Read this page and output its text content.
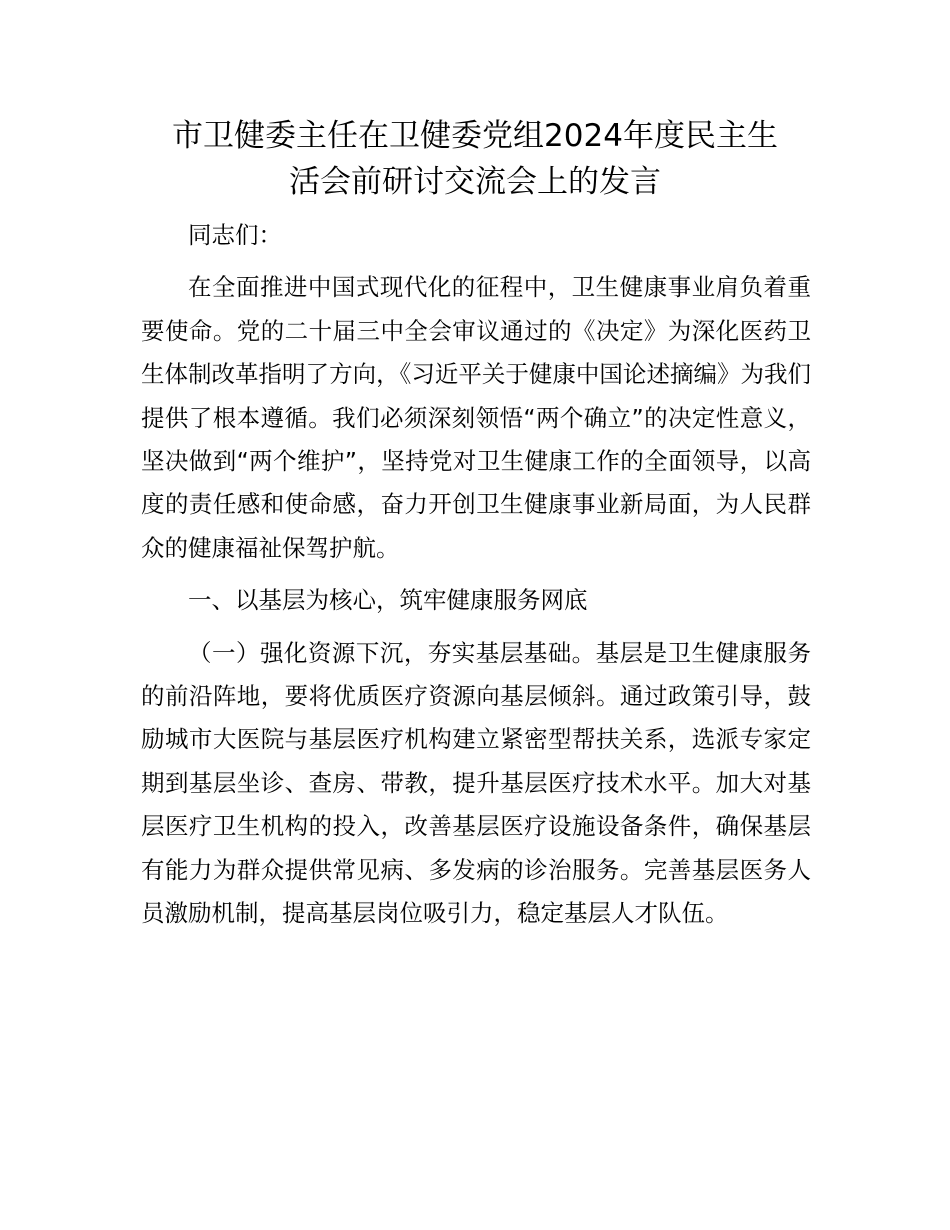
市卫健委主任在卫健委党组2024年度民主生
活会前研讨交流会上的发言

同志们：

在全面推进中国式现代化的征程中，卫生健康事业肩负着重要使命。党的二十届三中全会审议通过的《决定》为深化医药卫生体制改革指明了方向，《习近平关于健康中国论述摘编》为我们提供了根本遵循。我们必须深刻领悟“两个确立”的决定性意义，坚决做到“两个维护”，坚持党对卫生健康工作的全面领导，以高度的责任感和使命感，奋力开创卫生健康事业新局面，为人民群众的健康福祉保驾护航。

一、以基层为核心，筑牢健康服务网底

（一）强化资源下沉，夯实基层基础。基层是卫生健康服务的前沿阵地，要将优质医疗资源向基层倾斜。通过政策引导，鼓励城市大医院与基层医疗机构建立紧密型帮扶关系，选派专家定期到基层坐诊、查房、带教，提升基层医疗技术水平。加大对基层医疗卫生机构的投入，改善基层医疗设施设备条件，确保基层有能力为群众提供常见病、多发病的诊治服务。完善基层医务人员激励机制，提高基层岗位吸引力，稳定基层人才队伍。
